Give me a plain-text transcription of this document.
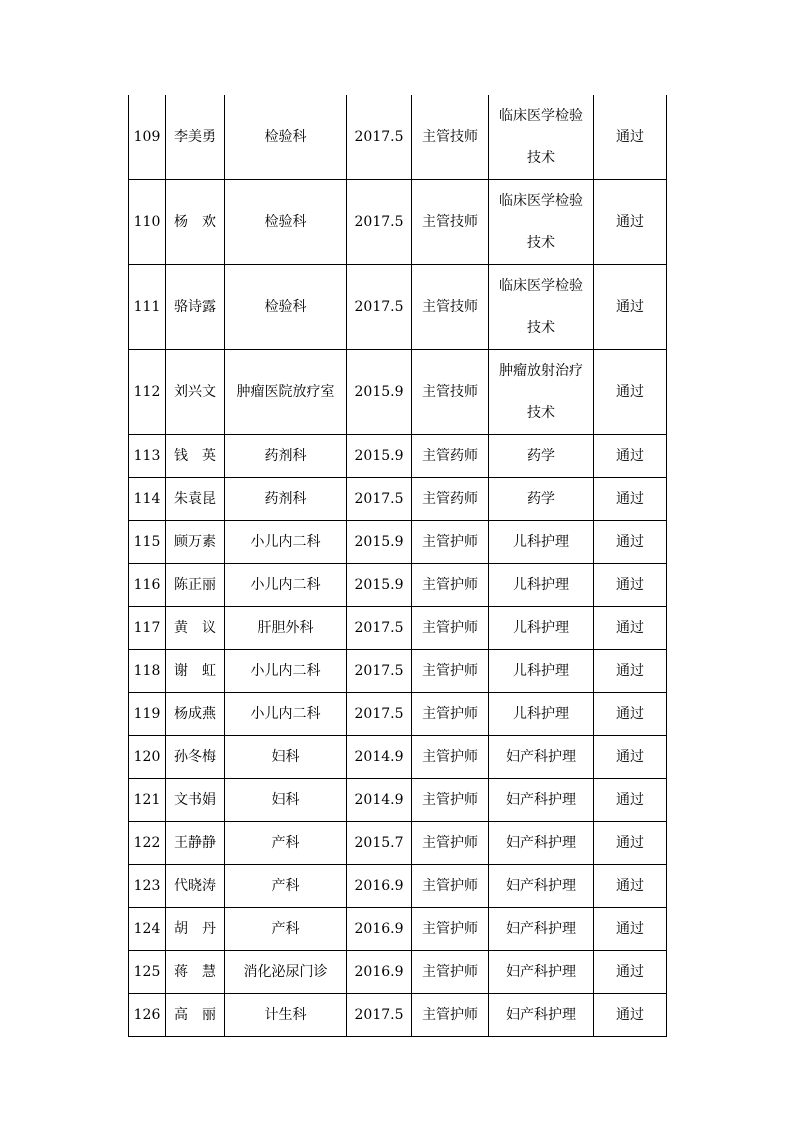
109	李美勇	检验科	2017.5	主管技师	临床医学检验技术	通过
110	杨　欢	检验科	2017.5	主管技师	临床医学检验技术	通过
111	骆诗露	检验科	2017.5	主管技师	临床医学检验技术	通过
112	刘兴文	肿瘤医院放疗室	2015.9	主管技师	肿瘤放射治疗技术	通过
113	钱　英	药剂科	2015.9	主管药师	药学	通过
114	朱袁昆	药剂科	2017.5	主管药师	药学	通过
115	顾万素	小儿内二科	2015.9	主管护师	儿科护理	通过
116	陈正丽	小儿内二科	2015.9	主管护师	儿科护理	通过
117	黄　议	肝胆外科	2017.5	主管护师	儿科护理	通过
118	谢　虹	小儿内二科	2017.5	主管护师	儿科护理	通过
119	杨成燕	小儿内二科	2017.5	主管护师	儿科护理	通过
120	孙冬梅	妇科	2014.9	主管护师	妇产科护理	通过
121	文书娟	妇科	2014.9	主管护师	妇产科护理	通过
122	王静静	产科	2015.7	主管护师	妇产科护理	通过
123	代晓涛	产科	2016.9	主管护师	妇产科护理	通过
124	胡　丹	产科	2016.9	主管护师	妇产科护理	通过
125	蒋　慧	消化泌尿门诊	2016.9	主管护师	妇产科护理	通过
126	高　丽	计生科	2017.5	主管护师	妇产科护理	通过
